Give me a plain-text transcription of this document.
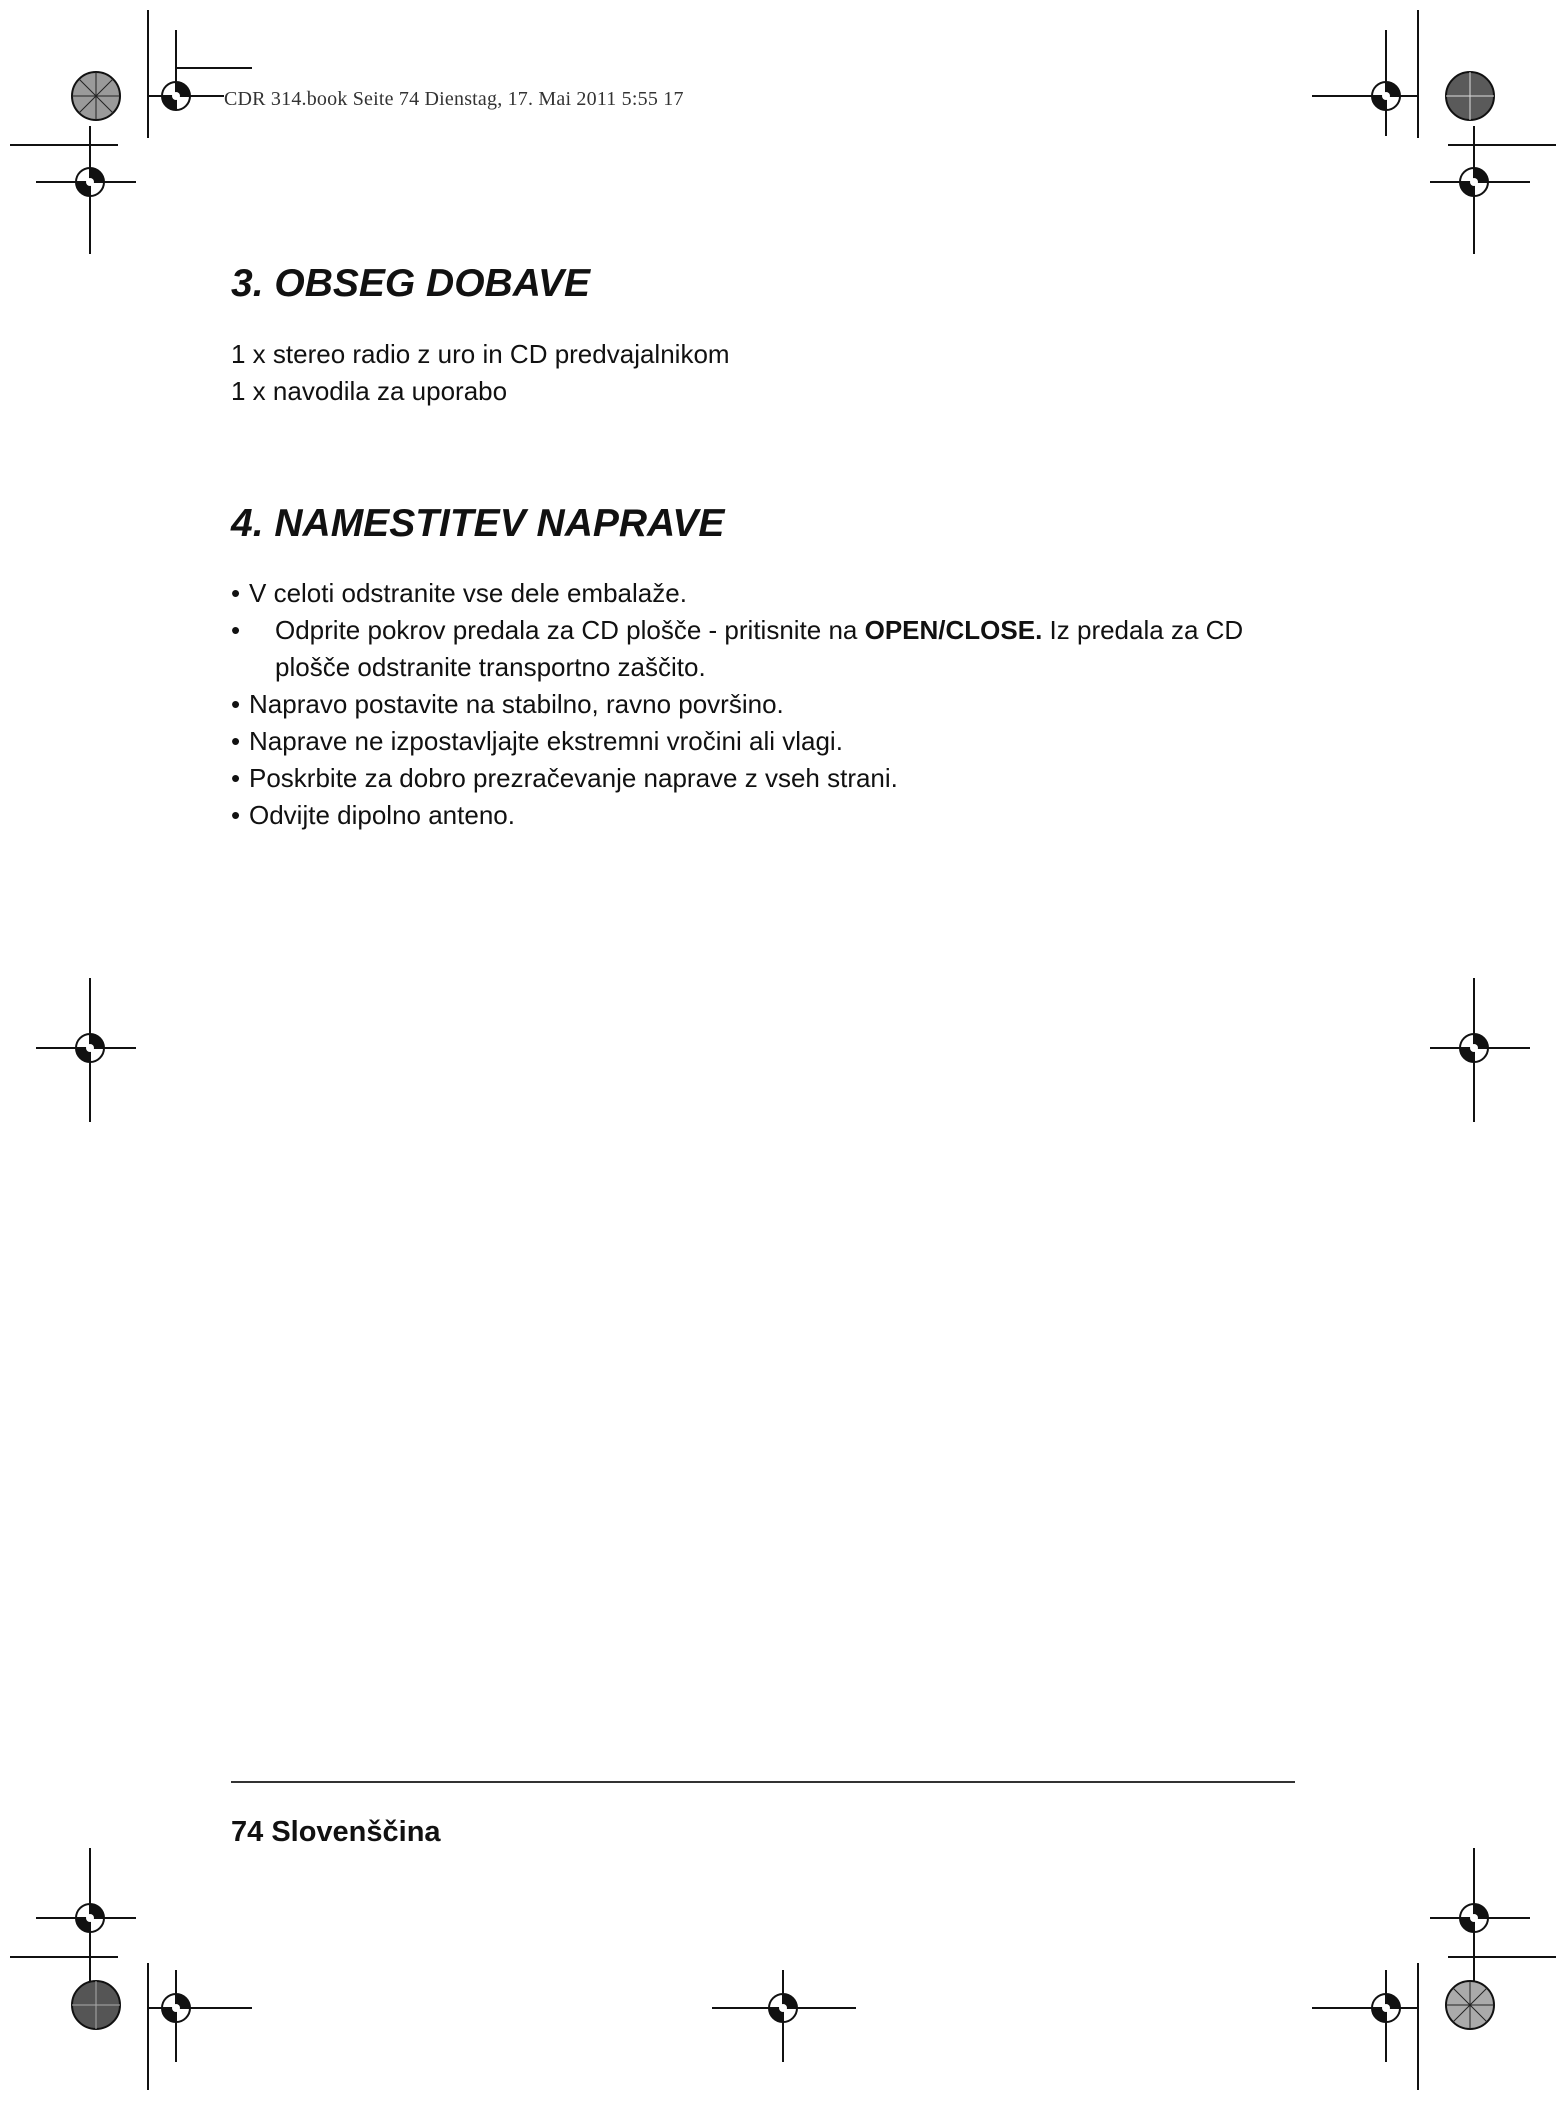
CDR 314.book Seite 74 Dienstag, 17. Mai 2011 5:55 17

3. OBSEG DOBAVE
1 x stereo radio z uro in CD predvajalnikom
1 x navodila za uporabo
4. NAMESTITEV NAPRAVE
• V celoti odstranite vse dele embalaže.
• Odprite pokrov predala za CD plošče - pritisnite na OPEN/CLOSE. Iz predala za CD
plošče odstranite transportno zaščito.
• Napravo postavite na stabilno, ravno površino.
• Naprave ne izpostavljajte ekstremni vročini ali vlagi.
• Poskrbite za dobro prezračevanje naprave z vseh strani.
• Odvijte dipolno anteno.

74 Slovenščina
